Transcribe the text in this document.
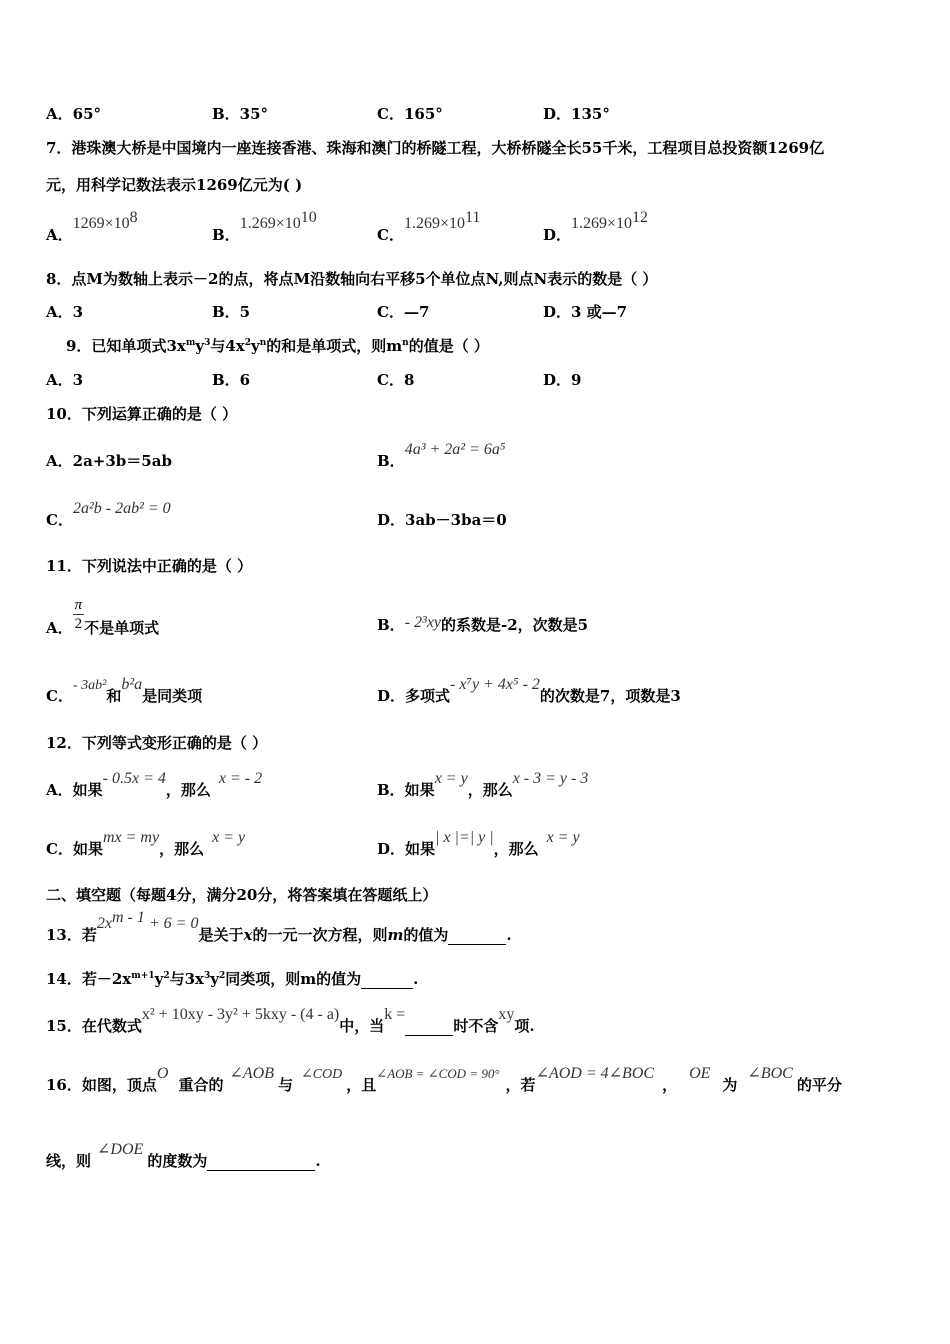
A．65°	B．35°	C．165°	D．135°
7．港珠澳大桥是中国境内一座连接香港、珠海和澳门的桥隧工程，大桥桥隧全长55千米，工程项目总投资额1269亿
元，用科学记数法表示1269亿元为( )
A．$1269\times 10^8$
B．$1.269\times 10^{10}$
C．$1.269\times 10^{11}$
D．$1.269\times 10^{12}$
8．点M为数轴上表示－2的点，将点M沿数轴向右平移5个单位点N,则点N表示的数是（ ）
A．3	B．5	C．—7	D．3 或—7
9．已知单项式$3x^my^3$与$4x^2y^n$的和是单项式，则$m^n$的值是（ ）
A．3	B．6	C．8	D．9
10．下列运算正确的是（ ）
A．2a+3b＝5ab	B．4a³ + 2a² = 6a⁵
C．2a²b - 2ab² = 0
D．3ab－3ba＝0
11．下列说法中正确的是（ ）
A． $\frac{\pi}{2}$ 不是单项式	B．- 2³xy的系数是-2，次数是5
C．- 3ab²和b²a是同类项	D．多项式- x⁷y + 4x⁵ - 2的次数是7，项数是3
12．下列等式变形正确的是（ ）
A．如果- 0.5x = 4，那么x = - 2
B．如果x = y，那么x - 3 = y - 3
C．如果mx = my，那么x = y
D．如果| x |=| y |，那么x = y
二、填空题（每题4分，满分20分，将答案填在答题纸上）
13．若$2x^{m - 1} + 6 = 0$是关于x的一元一次方程，则m的值为	.
14．若$-2x^{m+1}y^2$与$3x^3y^2$同类项，则m的值为	.
15．在代数式x² + 10xy - 3y² + 5kxy - (4 - a)中，当k = 时不含xy项.
16．如图，顶点O重合的∠AOB与∠COD，且∠AOB = ∠COD = 90°，若∠AOD = 4∠BOC，OE为∠BOC的平分
线，则∠DOE的度数为	.
